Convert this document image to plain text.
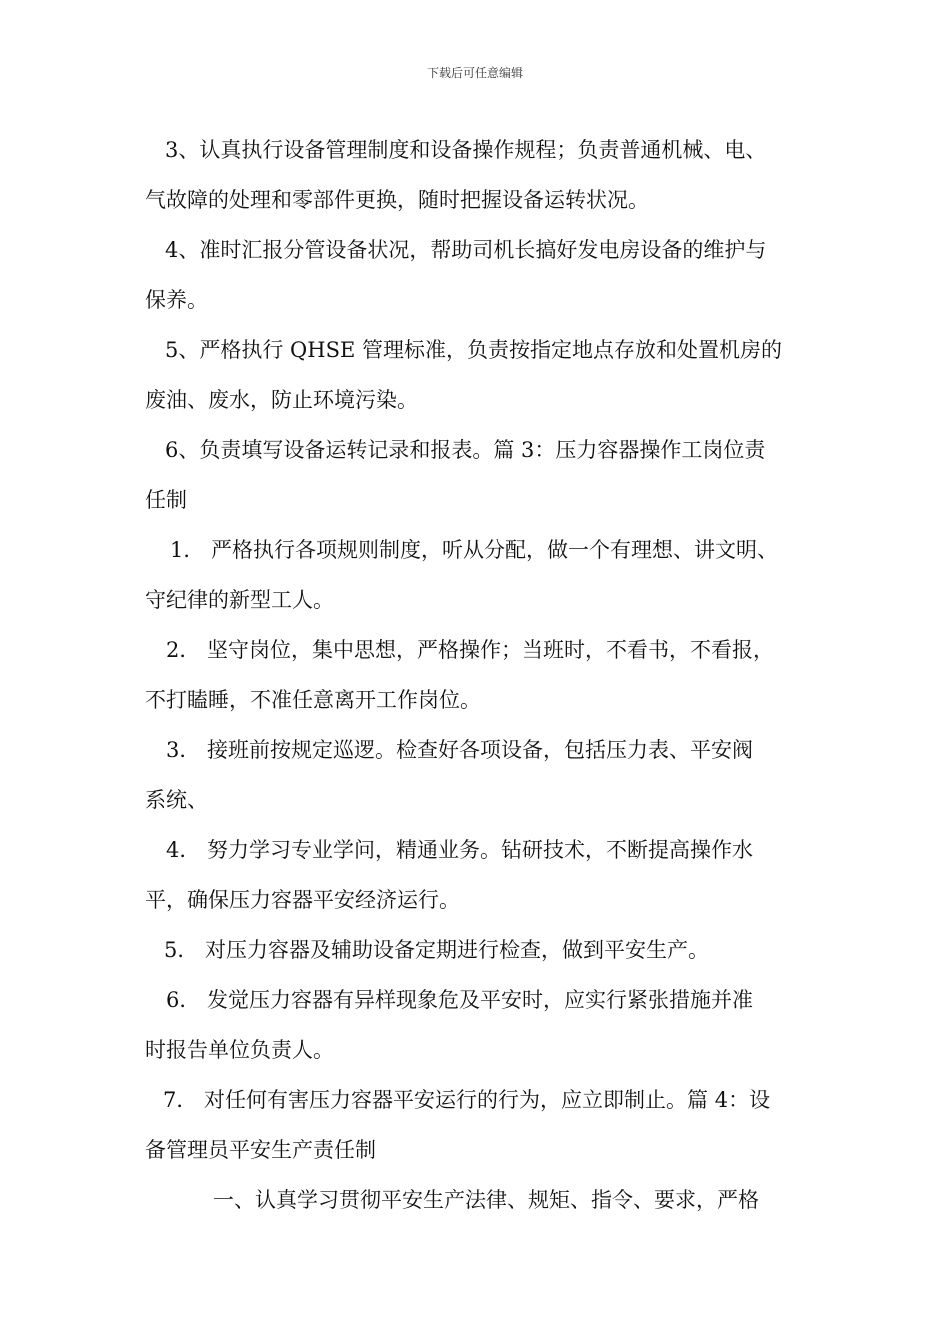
下载后可任意编辑
3、认真执行设备管理制度和设备操作规程；负责普通机械、电、
气故障的处理和零部件更换，随时把握设备运转状况。
4、准时汇报分管设备状况，帮助司机长搞好发电房设备的维护与
保养。
5、严格执行 QHSE 管理标准，负责按指定地点存放和处置机房的
废油、废水，防止环境污染。
6、负责填写设备运转记录和报表。篇 3：压力容器操作工岗位责
任制
1． 严格执行各项规则制度，听从分配，做一个有理想、讲文明、
守纪律的新型工人。
2． 坚守岗位，集中思想，严格操作；当班时，不看书，不看报，
不打瞌睡，不准任意离开工作岗位。
3． 接班前按规定巡逻。检查好各项设备，包括压力表、平安阀
系统、
4． 努力学习专业学问，精通业务。钻研技术，不断提高操作水
平，确保压力容器平安经济运行。
5． 对压力容器及辅助设备定期进行检查，做到平安生产。
6． 发觉压力容器有异样现象危及平安时，应实行紧张措施并准
时报告单位负责人。
7． 对任何有害压力容器平安运行的行为，应立即制止。篇 4：设
备管理员平安生产责任制
一、认真学习贯彻平安生产法律、规矩、指令、要求，严格
